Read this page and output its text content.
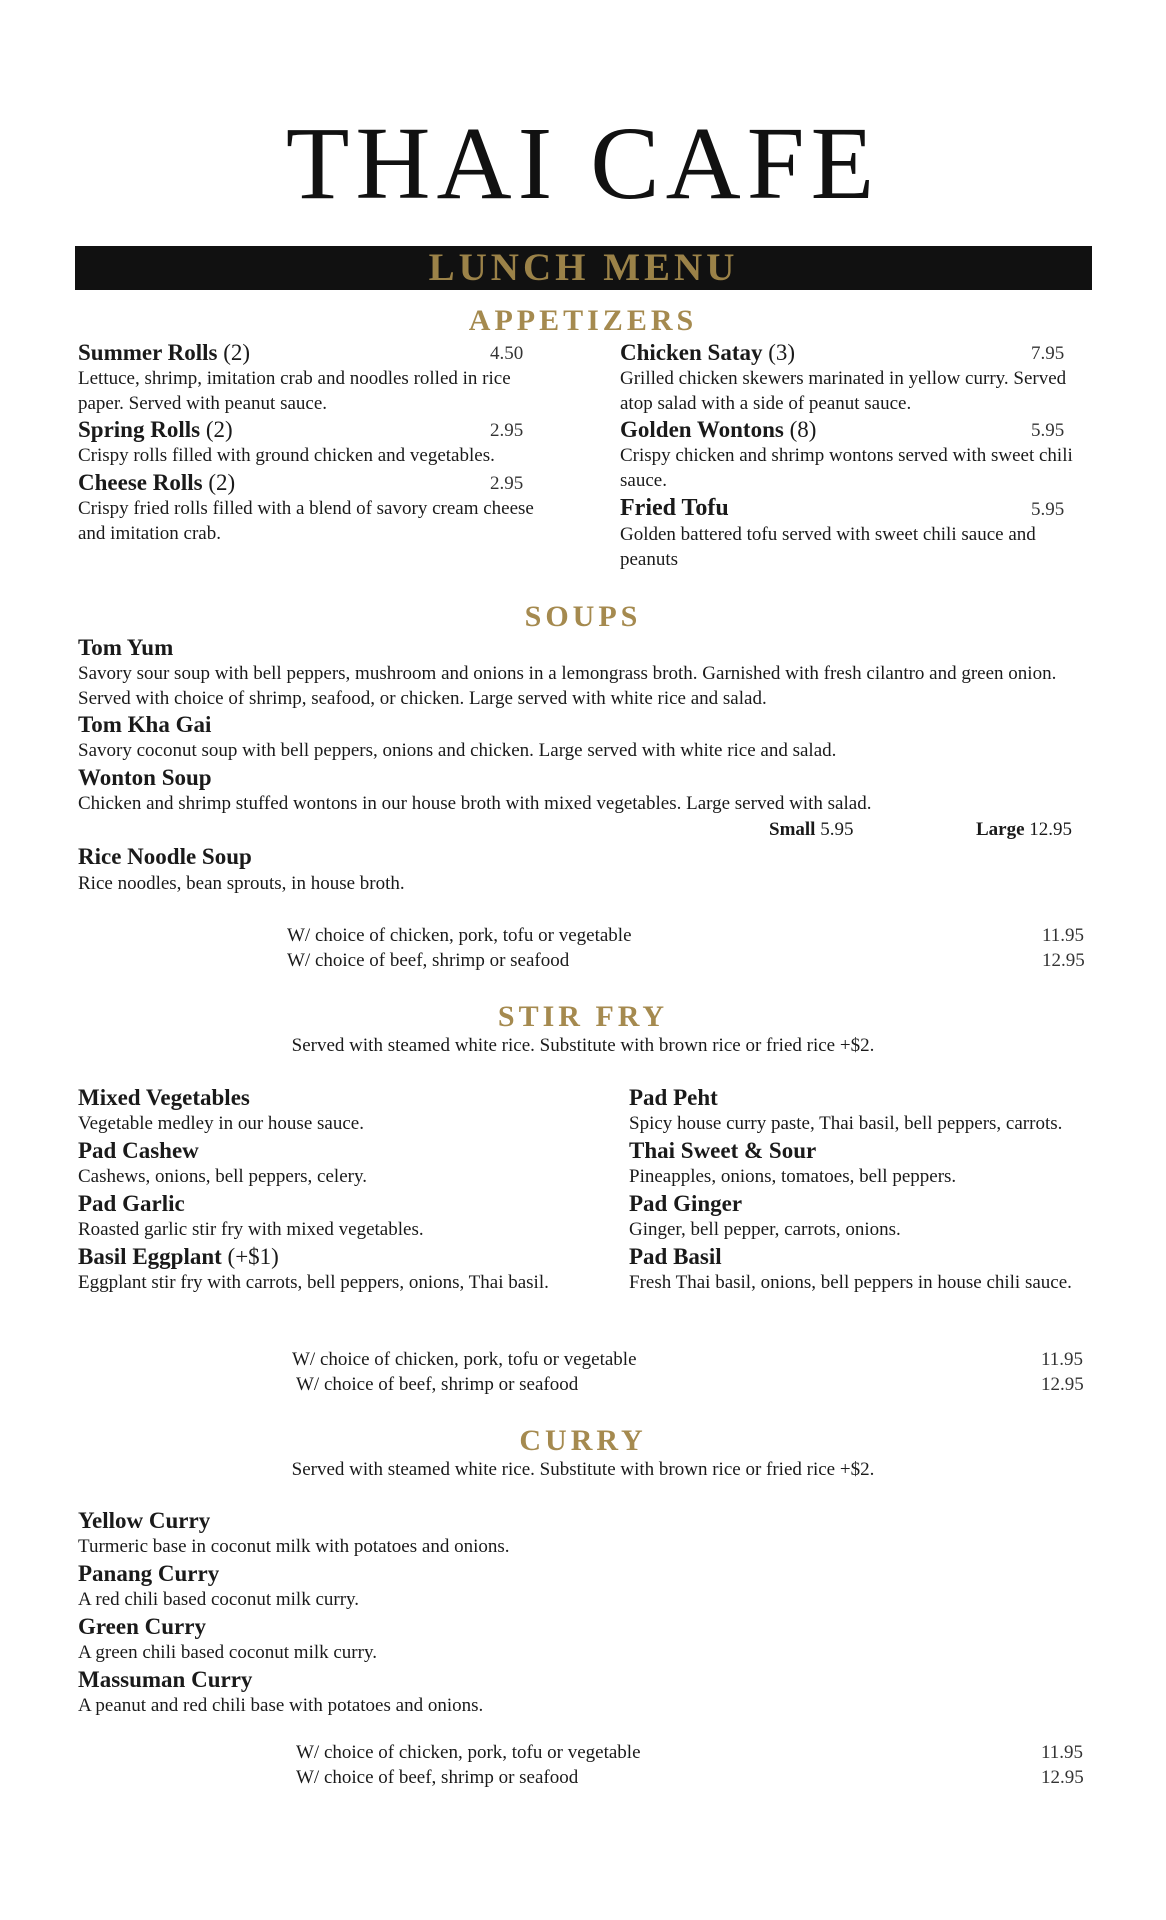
THAI CAFE
LUNCH MENU
APPETIZERS
Summer Rolls (2)	4.50
Lettuce, shrimp, imitation crab and noodles rolled in rice paper. Served with peanut sauce.
Spring Rolls (2)	2.95
Crispy rolls filled with ground chicken and vegetables.
Cheese Rolls (2)	2.95
Crispy fried rolls filled with a blend of savory cream cheese and imitation crab.
Chicken Satay (3)	7.95
Grilled chicken skewers marinated in yellow curry. Served atop salad with a side of peanut sauce.
Golden Wontons (8)	5.95
Crispy chicken and shrimp wontons served with sweet chili sauce.
Fried Tofu	5.95
Golden battered tofu served with sweet chili sauce and peanuts
SOUPS
Tom Yum
Savory sour soup with bell peppers, mushroom and onions in a lemongrass broth. Garnished with fresh cilantro and green onion. Served with choice of shrimp, seafood, or chicken. Large served with white rice and salad.
Tom Kha Gai
Savory coconut soup with bell peppers, onions and chicken. Large served with white rice and salad.
Wonton Soup
Chicken and shrimp stuffed wontons in our house broth with mixed vegetables. Large served with salad.
Small 5.95	Large 12.95
Rice Noodle Soup
Rice noodles, bean sprouts, in house broth.
W/ choice of chicken, pork, tofu or vegetable	11.95
W/ choice of beef, shrimp or seafood	12.95
STIR FRY
Served with steamed white rice. Substitute with brown rice or fried rice +$2.
Mixed Vegetables
Vegetable medley in our house sauce.
Pad Cashew
Cashews, onions, bell peppers, celery.
Pad Garlic
Roasted garlic stir fry with mixed vegetables.
Basil Eggplant (+$1)
Eggplant stir fry with carrots, bell peppers, onions, Thai basil.
Pad Peht
Spicy house curry paste, Thai basil, bell peppers, carrots.
Thai Sweet & Sour
Pineapples, onions, tomatoes, bell peppers.
Pad Ginger
Ginger, bell pepper, carrots, onions.
Pad Basil
Fresh Thai basil, onions, bell peppers in house chili sauce.
W/ choice of chicken, pork, tofu or vegetable	11.95
W/ choice of beef, shrimp or seafood	12.95
CURRY
Served with steamed white rice. Substitute with brown rice or fried rice +$2.
Yellow Curry
Turmeric base in coconut milk with potatoes and onions.
Panang Curry
A red chili based coconut milk curry.
Green Curry
A green chili based coconut milk curry.
Massuman Curry
A peanut and red chili base with potatoes and onions.
W/ choice of chicken, pork, tofu or vegetable	11.95
W/ choice of beef, shrimp or seafood	12.95
